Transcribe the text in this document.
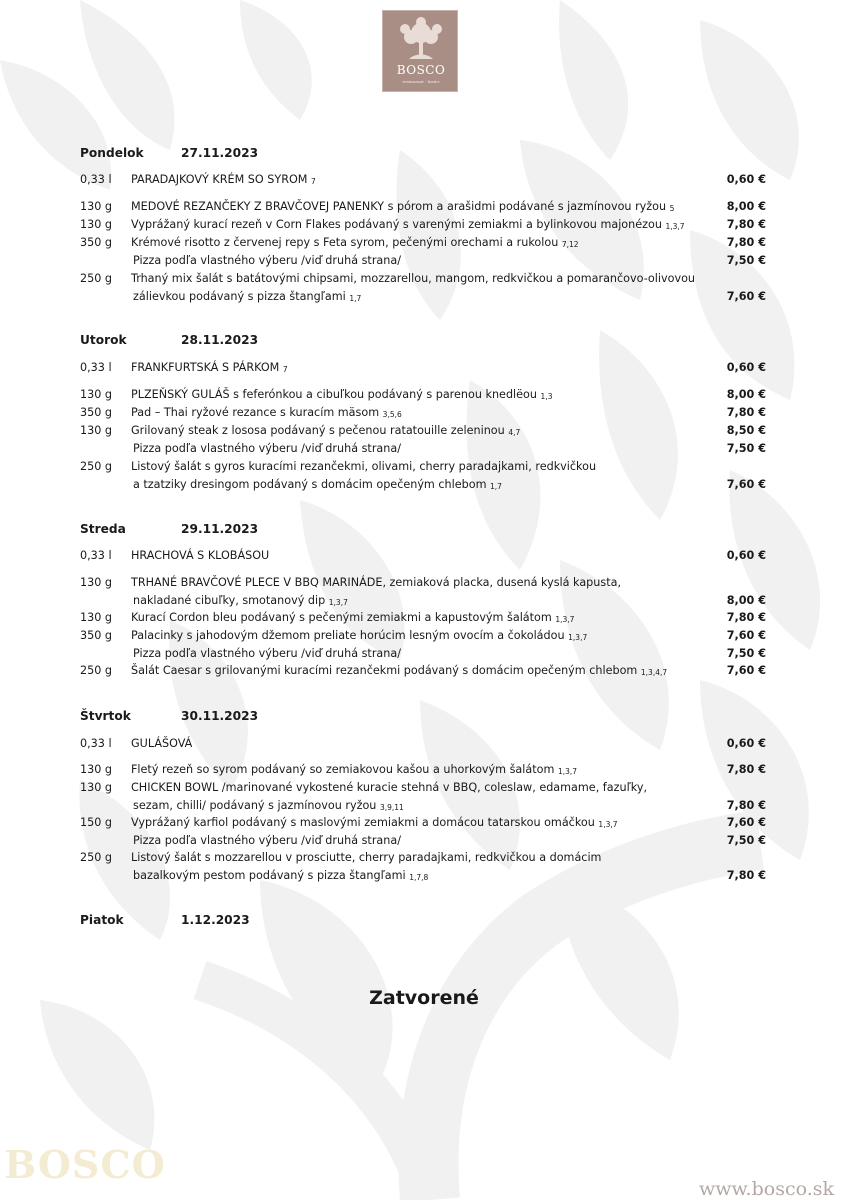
BOSCO
BOSCO
restaurant · bistro
Pondelok	27.11.2023
0,33 l PARADAJKOVÝ KRÉM SO SYROM 7	0,60 €
130 g MEDOVÉ REZANČEKY Z BRAVČOVEJ PANENKY s pórom a arašidmi podávané s jazmínovou ryžou 5	8,00 €
130 g Vyprážaný kurací rezeň v Corn Flakes podávaný s varenými zemiakmi a bylinkovou majonézou 1,3,7	7,80 €
350 g Krémové risotto z červenej repy s Feta syrom, pečenými orechami a rukolou 7,12	7,80 €
Pizza podľa vlastného výberu /viď druhá strana/	7,50 €
250 g Trhaný mix šalát s batátovými chipsami, mozzarellou, mangom, redkvičkou a pomarančovo-olivovou
zálievkou podávaný s pizza štangľami 1,7	7,60 €
Utorok	28.11.2023
0,33 l FRANKFURTSKÁ S PÁRKOM 7	0,60 €
130 g PLZEŇSKÝ GULÁŠ s feferónkou a cibuľkou podávaný s parenou knedlëou 1,3	8,00 €
350 g Pad – Thai ryžové rezance s kuracím mäsom 3,5,6	7,80 €
130 g Grilovaný steak z lososa podávaný s pečenou ratatouille zeleninou 4,7	8,50 €
Pizza podľa vlastného výberu /viď druhá strana/	7,50 €
250 g Listový šalát s gyros kuracími rezančekmi, olivami, cherry paradajkami, redkvičkou
a tzatziky dresingom podávaný s domácim opečeným chlebom 1,7	7,60 €
Streda	29.11.2023
0,33 l HRACHOVÁ S KLOBÁSOU	0,60 €
130 g TRHANÉ BRAVČOVÉ PLECE V BBQ MARINÁDE, zemiaková placka, dusená kyslá kapusta,
nakladané cibuľky, smotanový dip 1,3,7	8,00 €
130 g Kurací Cordon bleu podávaný s pečenými zemiakmi a kapustovým šalátom 1,3,7	7,80 €
350 g Palacinky s jahodovým džemom preliate horúcim lesným ovocím a čokoládou 1,3,7	7,60 €
Pizza podľa vlastného výberu /viď druhá strana/	7,50 €
250 g Šalát Caesar s grilovanými kuracími rezančekmi podávaný s domácim opečeným chlebom 1,3,4,7	7,60 €
Štvrtok	30.11.2023
0,33 l GULÁŠOVÁ	0,60 €
130 g Fletý rezeň so syrom podávaný so zemiakovou kašou a uhorkovým šalátom 1,3,7	7,80 €
130 g CHICKEN BOWL /marinované vykostené kuracie stehná v BBQ, coleslaw, edamame, fazuľky,
sezam, chilli/ podávaný s jazmínovou ryžou 3,9,11	7,80 €
150 g Vyprážaný karfiol podávaný s maslovými zemiakmi a domácou tatarskou omáčkou 1,3,7	7,60 €
Pizza podľa vlastného výberu /viď druhá strana/	7,50 €
250 g Listový šalát s mozzarellou v prosciutte, cherry paradajkami, redkvičkou a domácim
bazalkovým pestom podávaný s pizza štangľami 1,7,8	7,80 €
Piatok	1.12.2023
Zatvorené
www.bosco.sk
